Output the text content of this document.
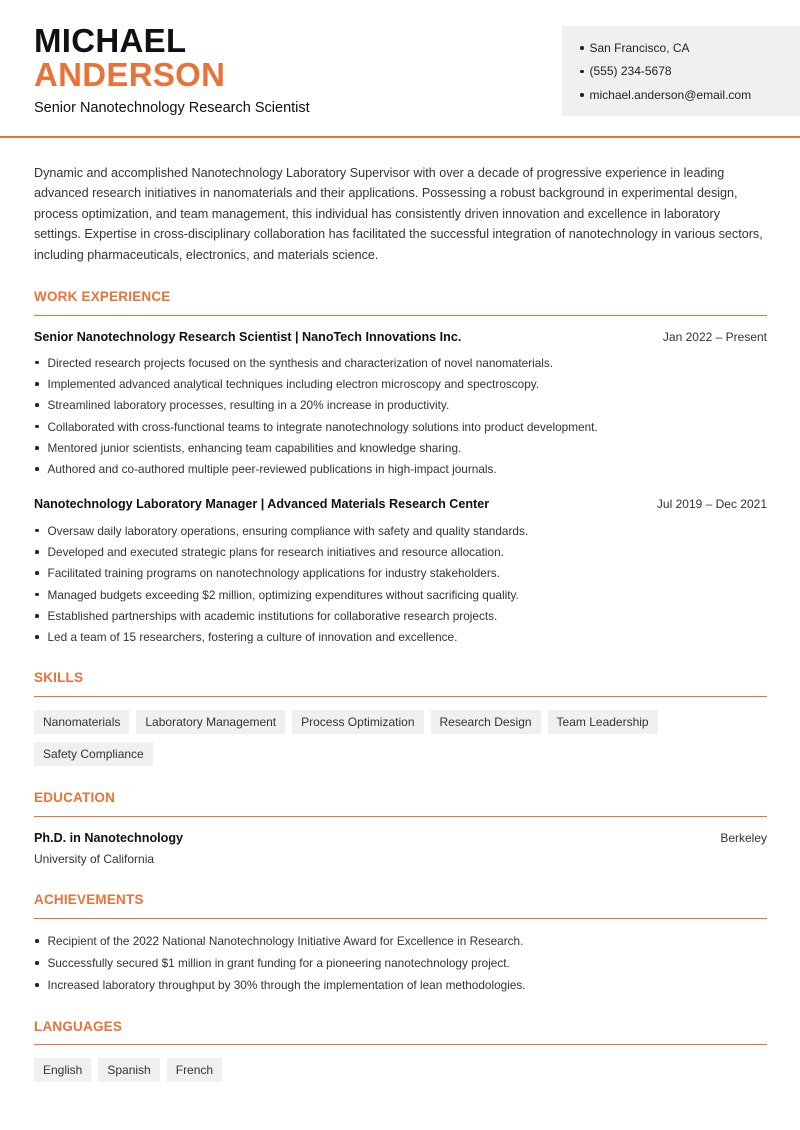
MICHAEL
ANDERSON
Senior Nanotechnology Research Scientist
San Francisco, CA
(555) 234-5678
michael.anderson@email.com

Dynamic and accomplished Nanotechnology Laboratory Supervisor with over a decade of progressive experience in leading advanced research initiatives in nanomaterials and their applications. Possessing a robust background in experimental design, process optimization, and team management, this individual has consistently driven innovation and excellence in laboratory settings. Expertise in cross-disciplinary collaboration has facilitated the successful integration of nanotechnology in various sectors, including pharmaceuticals, electronics, and materials science.

WORK EXPERIENCE
Senior Nanotechnology Research Scientist | NanoTech Innovations Inc.	Jan 2022 – Present
Directed research projects focused on the synthesis and characterization of novel nanomaterials.
Implemented advanced analytical techniques including electron microscopy and spectroscopy.
Streamlined laboratory processes, resulting in a 20% increase in productivity.
Collaborated with cross-functional teams to integrate nanotechnology solutions into product development.
Mentored junior scientists, enhancing team capabilities and knowledge sharing.
Authored and co-authored multiple peer-reviewed publications in high-impact journals.
Nanotechnology Laboratory Manager | Advanced Materials Research Center	Jul 2019 – Dec 2021
Oversaw daily laboratory operations, ensuring compliance with safety and quality standards.
Developed and executed strategic plans for research initiatives and resource allocation.
Facilitated training programs on nanotechnology applications for industry stakeholders.
Managed budgets exceeding $2 million, optimizing expenditures without sacrificing quality.
Established partnerships with academic institutions for collaborative research projects.
Led a team of 15 researchers, fostering a culture of innovation and excellence.
SKILLS
Nanomaterials	Laboratory Management	Process Optimization	Research Design	Team Leadership
Safety Compliance
EDUCATION
Ph.D. in Nanotechnology	Berkeley
University of California
ACHIEVEMENTS
Recipient of the 2022 National Nanotechnology Initiative Award for Excellence in Research.
Successfully secured $1 million in grant funding for a pioneering nanotechnology project.
Increased laboratory throughput by 30% through the implementation of lean methodologies.
LANGUAGES
English	Spanish	French
